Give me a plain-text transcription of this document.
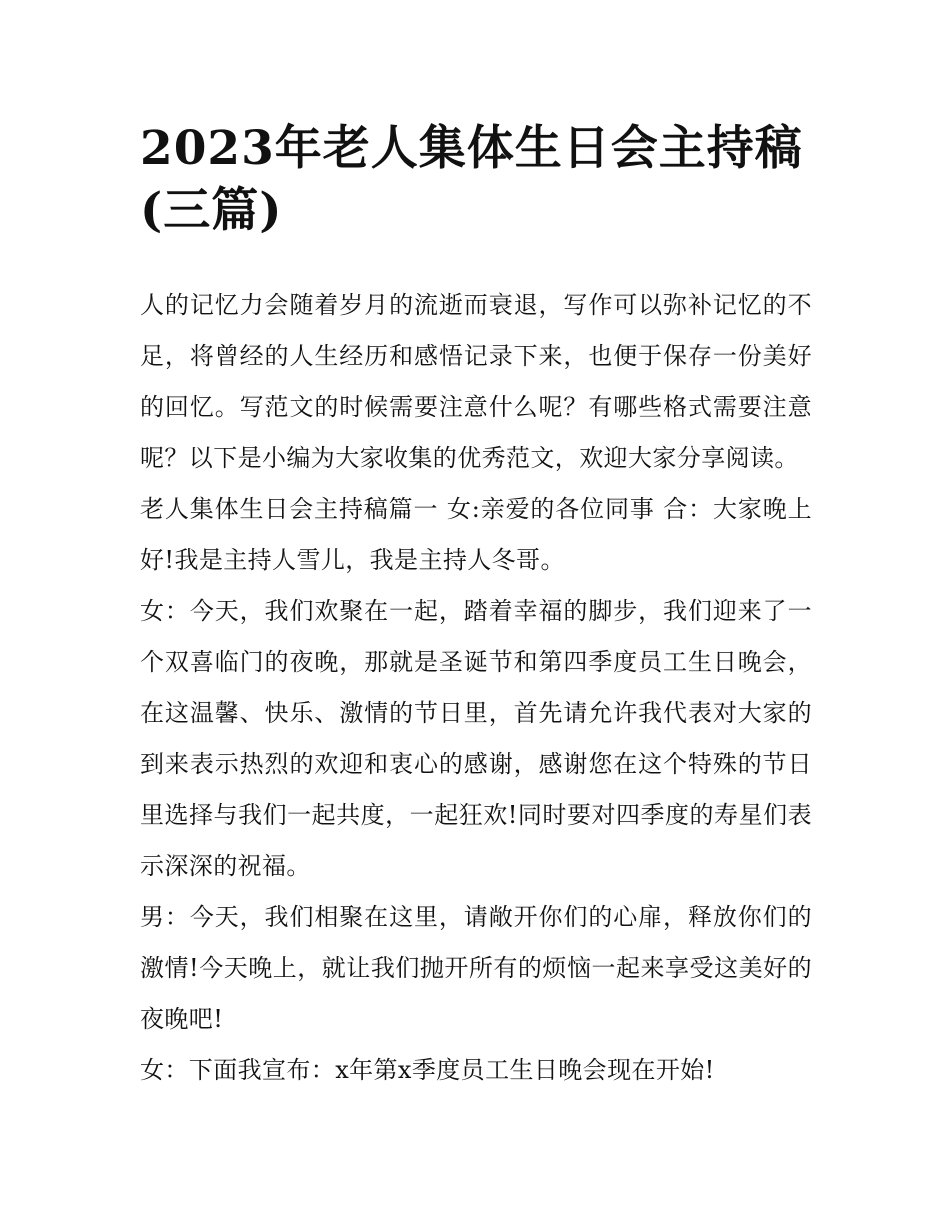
2023年老人集体生日会主持稿(三篇)

人的记忆力会随着岁月的流逝而衰退，写作可以弥补记忆的不足，将曾经的人生经历和感悟记录下来，也便于保存一份美好的回忆。写范文的时候需要注意什么呢？有哪些格式需要注意呢？以下是小编为大家收集的优秀范文，欢迎大家分享阅读。

老人集体生日会主持稿篇一 女:亲爱的各位同事 合：大家晚上好!我是主持人雪儿，我是主持人冬哥。

女：今天，我们欢聚在一起，踏着幸福的脚步，我们迎来了一个双喜临门的夜晚，那就是圣诞节和第四季度员工生日晚会，在这温馨、快乐、激情的节日里，首先请允许我代表对大家的到来表示热烈的欢迎和衷心的感谢，感谢您在这个特殊的节日里选择与我们一起共度，一起狂欢!同时要对四季度的寿星们表示深深的祝福。

男：今天，我们相聚在这里，请敞开你们的心扉，释放你们的激情!今天晚上，就让我们抛开所有的烦恼一起来享受这美好的夜晚吧!

女：下面我宣布：x年第x季度员工生日晚会现在开始!
